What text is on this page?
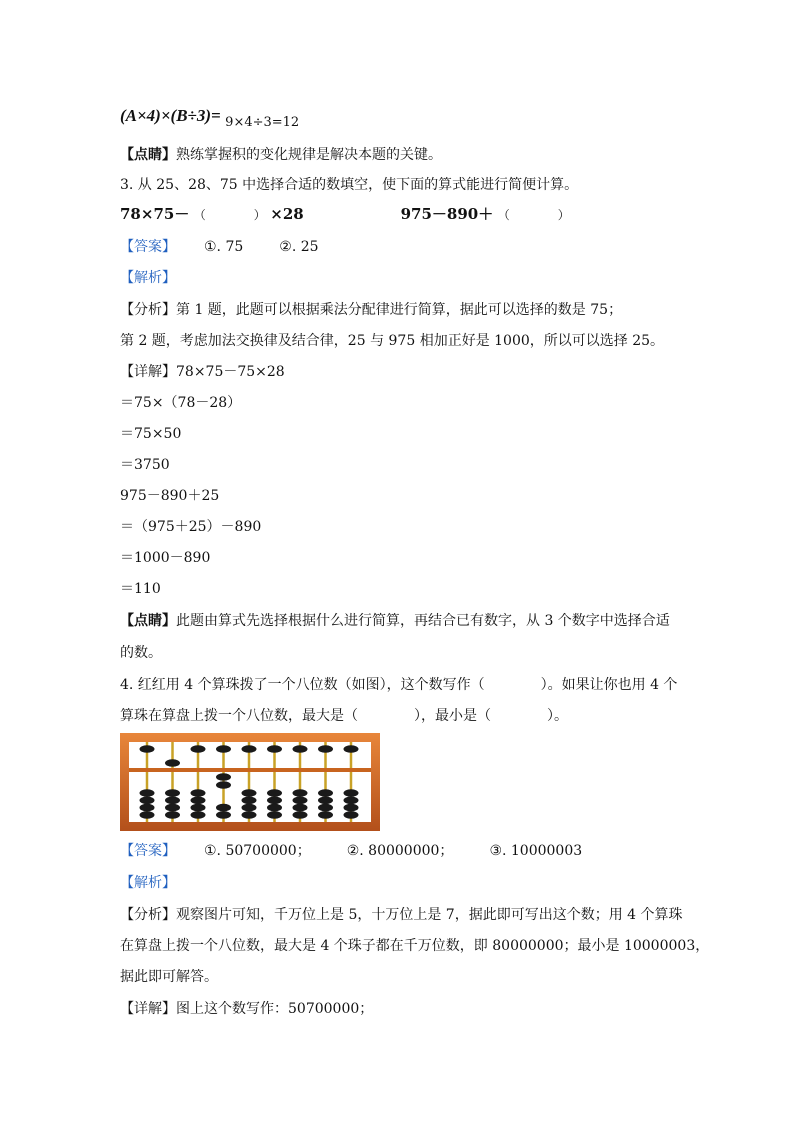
(A×4)×(B÷3)= 9×4÷3=12
【点睛】熟练掌握积的变化规律是解决本题的关键。
3. 从 25、28、75 中选择合适的数填空，使下面的算式能进行简便计算。
78×75－ （　　　　） ×28	975－890＋ （　　　　）
【答案】 ①. 75	②. 25
【解析】
【分析】第 1 题，此题可以根据乘法分配律进行简算，据此可以选择的数是 75；
第 2 题，考虑加法交换律及结合律，25 与 975 相加正好是 1000，所以可以选择 25。
【详解】78×75－75×28
＝75×（78－28）
＝75×50
＝3750
975－890＋25
＝（975＋25）－890
＝1000－890
＝110
【点睛】此题由算式先选择根据什么进行简算，再结合已有数字，从 3 个数字中选择合适
的数。
4. 红红用 4 个算珠拨了一个八位数（如图），这个数写作（　　　　）。如果让你也用 4 个
算珠在算盘上拨一个八位数，最大是（　　　　），最小是（　　　　）。
【答案】 ①. 50700000；	②. 80000000；	③. 10000003
【解析】
【分析】观察图片可知，千万位上是 5，十万位上是 7，据此即可写出这个数；用 4 个算珠
在算盘上拨一个八位数，最大是 4 个珠子都在千万位数，即 80000000；最小是 10000003，
据此即可解答。
【详解】图上这个数写作：50700000；
